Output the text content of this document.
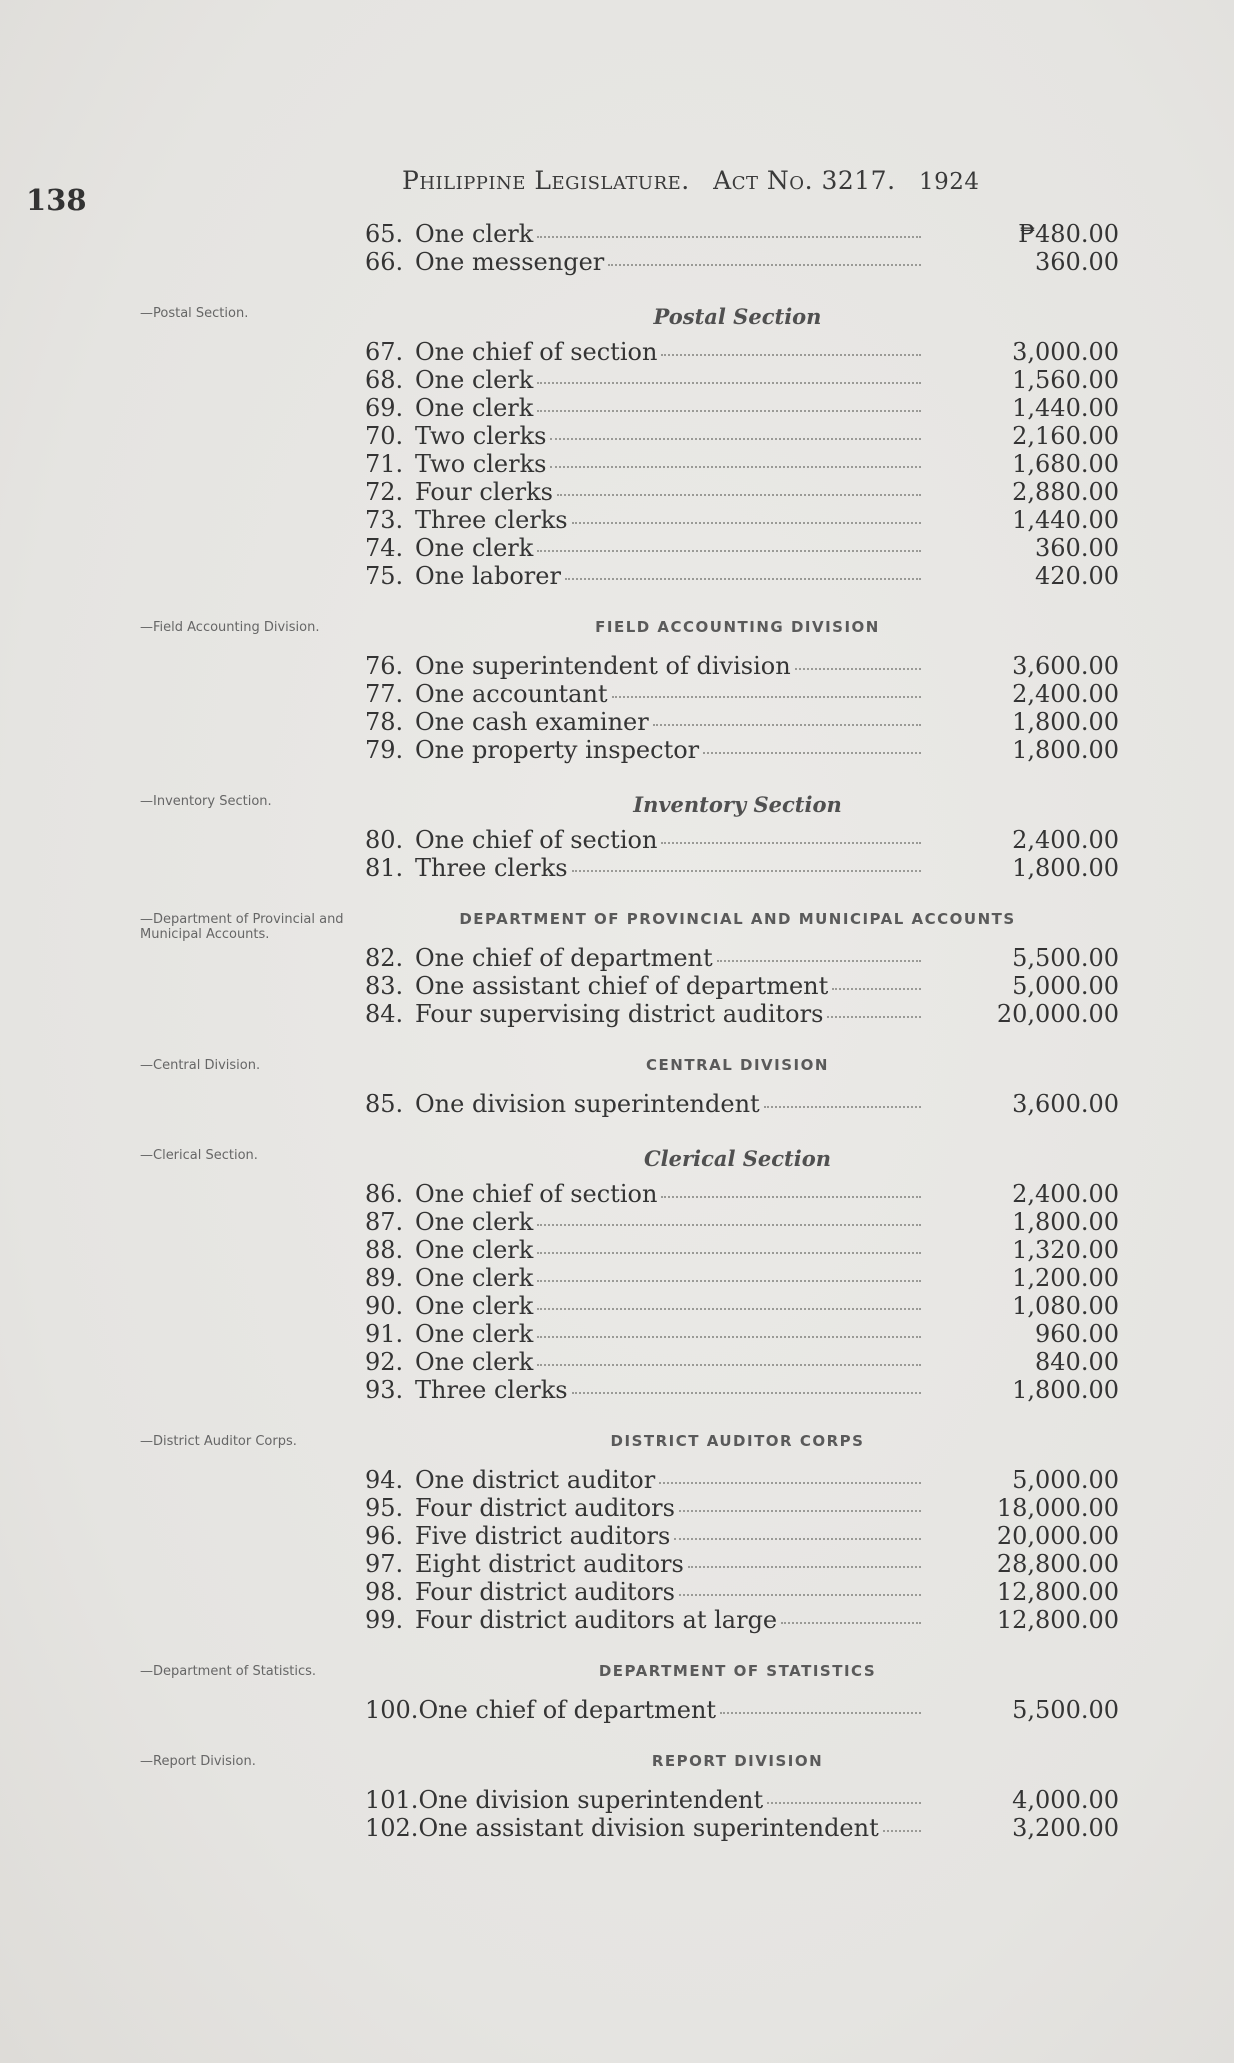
138
Philippine Legislature. Act No. 3217. 1924
65. One clerk	₱480.00
66. One messenger	360.00
Postal Section
—Postal Section.
67. One chief of section	3,000.00
68. One clerk	1,560.00
69. One clerk	1,440.00
70. Two clerks	2,160.00
71. Two clerks	1,680.00
72. Four clerks	2,880.00
73. Three clerks	1,440.00
74. One clerk	360.00
75. One laborer	420.00
FIELD ACCOUNTING DIVISION
—Field Accounting Division.
76. One superintendent of division	3,600.00
77. One accountant	2,400.00
78. One cash examiner	1,800.00
79. One property inspector	1,800.00
Inventory Section
—Inventory Section.
80. One chief of section	2,400.00
81. Three clerks	1,800.00
DEPARTMENT OF PROVINCIAL AND MUNICIPAL ACCOUNTS
—Department of Provincial and Municipal Accounts.
82. One chief of department	5,500.00
83. One assistant chief of department	5,000.00
84. Four supervising district auditors	20,000.00
CENTRAL DIVISION
—Central Division.
85. One division superintendent	3,600.00
Clerical Section
—Clerical Section.
86. One chief of section	2,400.00
87. One clerk	1,800.00
88. One clerk	1,320.00
89. One clerk	1,200.00
90. One clerk	1,080.00
91. One clerk	960.00
92. One clerk	840.00
93. Three clerks	1,800.00
DISTRICT AUDITOR CORPS
—District Auditor Corps.
94. One district auditor	5,000.00
95. Four district auditors	18,000.00
96. Five district auditors	20,000.00
97. Eight district auditors	28,800.00
98. Four district auditors	12,800.00
99. Four district auditors at large	12,800.00
DEPARTMENT OF STATISTICS
—Department of Statistics.
100. One chief of department	5,500.00
REPORT DIVISION
—Report Division.
101. One division superintendent	4,000.00
102. One assistant division superintendent	3,200.00
